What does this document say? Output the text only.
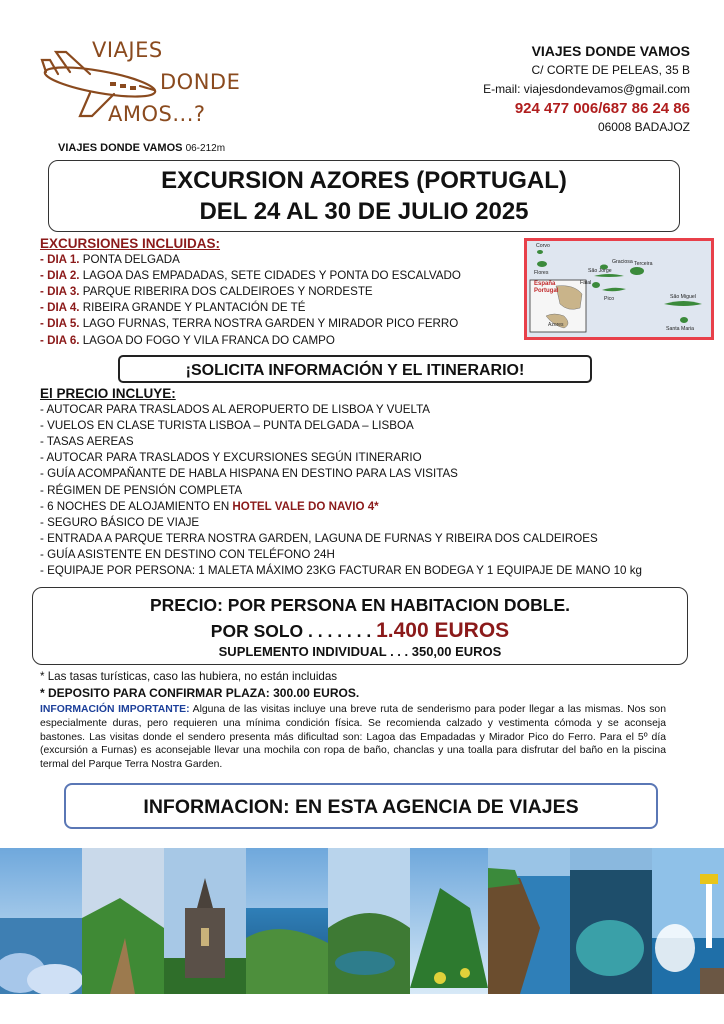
VIAJES
DONDE
AMOS...?
VIAJES DONDE VAMOS 06-212m
VIAJES DONDE VAMOS
C/ CORTE DE PELEAS, 35 B
E-mail: viajesdondevamos@gmail.com
924 477 006/687 86 24 86
06008 BADAJOZ
EXCURSION AZORES (PORTUGAL)
DEL 24 AL 30 DE JULIO 2025
EXCURSIONES INCLUIDAS:
- DIA 1. PONTA DELGADA
- DIA 2. LAGOA DAS EMPADADAS, SETE CIDADES Y PONTA DO ESCALVADO
- DIA 3. PARQUE RIBERIRA DOS CALDEIROES Y NORDESTE
- DIA 4. RIBEIRA GRANDE Y PLANTACIÓN DE TÉ
- DIA 5. LAGO FURNAS, TERRA NOSTRA GARDEN Y MIRADOR PICO FERRO
- DIA 6. LAGOA DO FOGO Y VILA FRANCA DO CAMPO
España
Portugal
Azores
Corvo
Flores
Graciosa
São Jorge
Terceira
Faial
Pico	São Miguel
Santa Maria
¡SOLICITA INFORMACIÓN Y EL ITINERARIO!
El PRECIO INCLUYE:
- AUTOCAR PARA TRASLADOS AL AEROPUERTO DE LISBOA Y VUELTA
- VUELOS EN CLASE TURISTA LISBOA – PUNTA DELGADA – LISBOA
- TASAS AEREAS
- AUTOCAR PARA TRASLADOS Y EXCURSIONES SEGÚN ITINERARIO
- GUÍA ACOMPAÑANTE DE HABLA HISPANA EN DESTINO PARA LAS VISITAS
- RÉGIMEN DE PENSIÓN COMPLETA
- 6 NOCHES DE ALOJAMIENTO EN HOTEL VALE DO NAVIO 4*
- SEGURO BÁSICO DE VIAJE
- ENTRADA A PARQUE TERRA NOSTRA GARDEN, LAGUNA DE FURNAS Y RIBEIRA DOS CALDEIROES
- GUÍA ASISTENTE EN DESTINO CON TELÉFONO 24H
- EQUIPAJE POR PERSONA: 1 MALETA MÁXIMO 23KG FACTURAR EN BODEGA Y 1 EQUIPAJE DE MANO 10 kg
PRECIO: POR PERSONA EN HABITACION DOBLE.
POR SOLO . . . . . . . 1.400 EUROS
SUPLEMENTO INDIVIDUAL . . . 350,00 EUROS
* Las tasas turísticas, caso las hubiera, no están incluidas
* DEPOSITO PARA CONFIRMAR PLAZA: 300.00 EUROS.
INFORMACIÓN IMPORTANTE: Alguna de las visitas incluye una breve ruta de senderismo para poder llegar a las mismas. Nos son especialmente duras, pero requieren una mínima condición física. Se recomienda calzado y vestimenta cómoda y se aconseja bastones. Las visitas donde el sendero presenta más dificultad son: Lagoa das Empadadas y Mirador Pico do Ferro. Para el 5º día (excursión a Furnas) es aconsejable llevar una mochila con ropa de baño, chanclas y una toalla para disfrutar del baño en la piscina termal del Parque Terra Nostra Garden.
INFORMACION: EN ESTA AGENCIA DE VIAJES
